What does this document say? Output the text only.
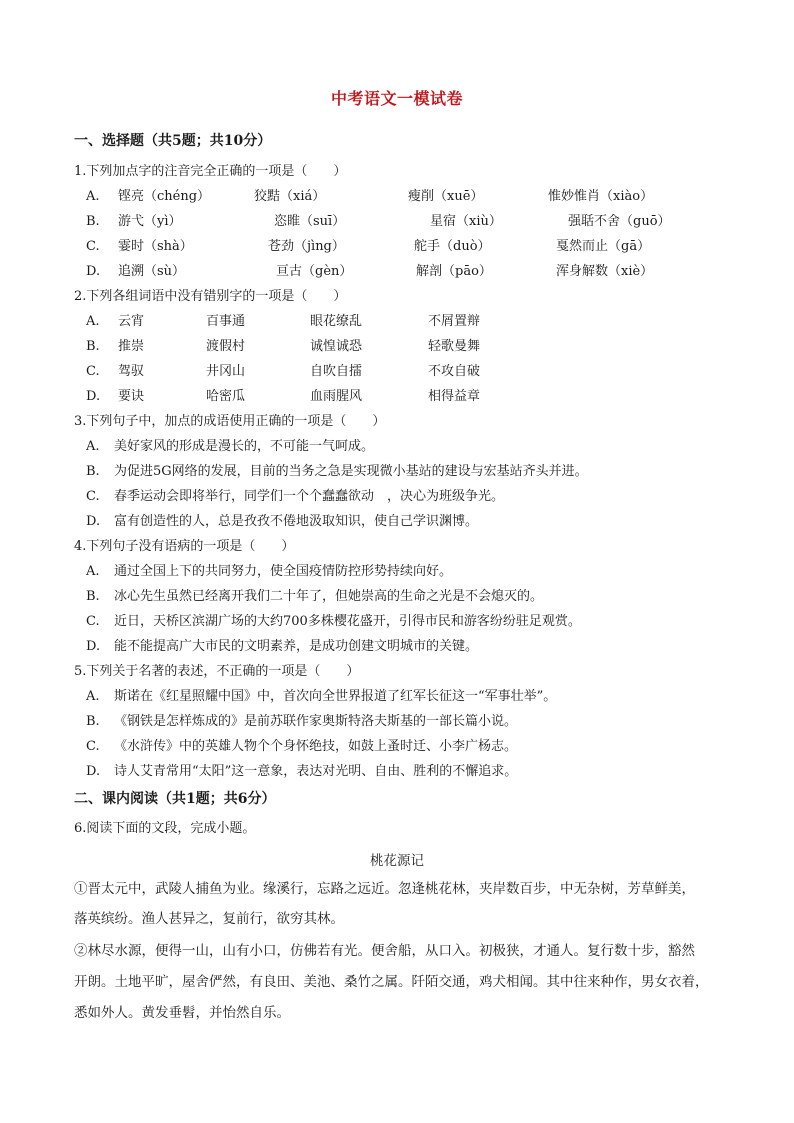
中考语文一模试卷
一、选择题（共5题；共10分）
1.下列加点字的注音完全正确的一项是（　　）
A.	铿亮（chéng）	狡黠（xiá）	瘦削（xuē）	惟妙惟肖（xiào）
B.	游弋（yì）	恣睢（suī）	星宿（xiù）	强聒不舍（guō）
C.	霎时（shà）	苍劲（jìng）	舵手（duò）	戛然而止（gā）
D.	追溯（sù）	亘古（gèn）	解剖（pāo）	浑身解数（xiè）
2.下列各组词语中没有错别字的一项是（　　）
A.	云宵	百事通	眼花缭乱	不屑置辩
B.	推崇	渡假村	诚惶诚恐	轻歌曼舞
C.	驾驭	井冈山	自吹自擂	不攻自破
D.	要诀	哈密瓜	血雨腥风	相得益章
3.下列句子中，加点的成语使用正确的一项是（　　）
A. 美好家风的形成是漫长的，不可能一气呵成。
B. 为促进5G网络的发展，目前的当务之急是实现微小基站的建设与宏基站齐头并进。
C. 春季运动会即将举行，同学们一个个蠢蠢欲动　，决心为班级争光。
D. 富有创造性的人，总是孜孜不倦地汲取知识，使自己学识渊博。
4.下列句子没有语病的一项是（　　）
A. 通过全国上下的共同努力，使全国疫情防控形势持续向好。
B. 冰心先生虽然已经离开我们二十年了，但她崇高的生命之光是不会熄灭的。
C. 近日，天桥区滨湖广场的大约700多株樱花盛开，引得市民和游客纷纷驻足观赏。
D. 能不能提高广大市民的文明素养，是成功创建文明城市的关键。
5.下列关于名著的表述，不正确的一项是（　　）
A. 斯诺在《红星照耀中国》中，首次向全世界报道了红军长征这一“军事壮举”。
B. 《钢铁是怎样炼成的》是前苏联作家奥斯特洛夫斯基的一部长篇小说。
C. 《水浒传》中的英雄人物个个身怀绝技，如鼓上蚤时迁、小李广杨志。
D. 诗人艾青常用“太阳”这一意象，表达对光明、自由、胜利的不懈追求。
二、课内阅读（共1题；共6分）
6.阅读下面的文段，完成小题。
桃花源记
①晋太元中，武陵人捕鱼为业。缘溪行，忘路之远近。忽逢桃花林，夹岸数百步，中无杂树，芳草鲜美，
落英缤纷。渔人甚异之，复前行，欲穷其林。
②林尽水源，便得一山，山有小口，仿佛若有光。便舍船，从口入。初极狭，才通人。复行数十步，豁然
开朗。土地平旷，屋舍俨然，有良田、美池、桑竹之属。阡陌交通，鸡犬相闻。其中往来种作，男女衣着，
悉如外人。黄发垂髫，并怡然自乐。
